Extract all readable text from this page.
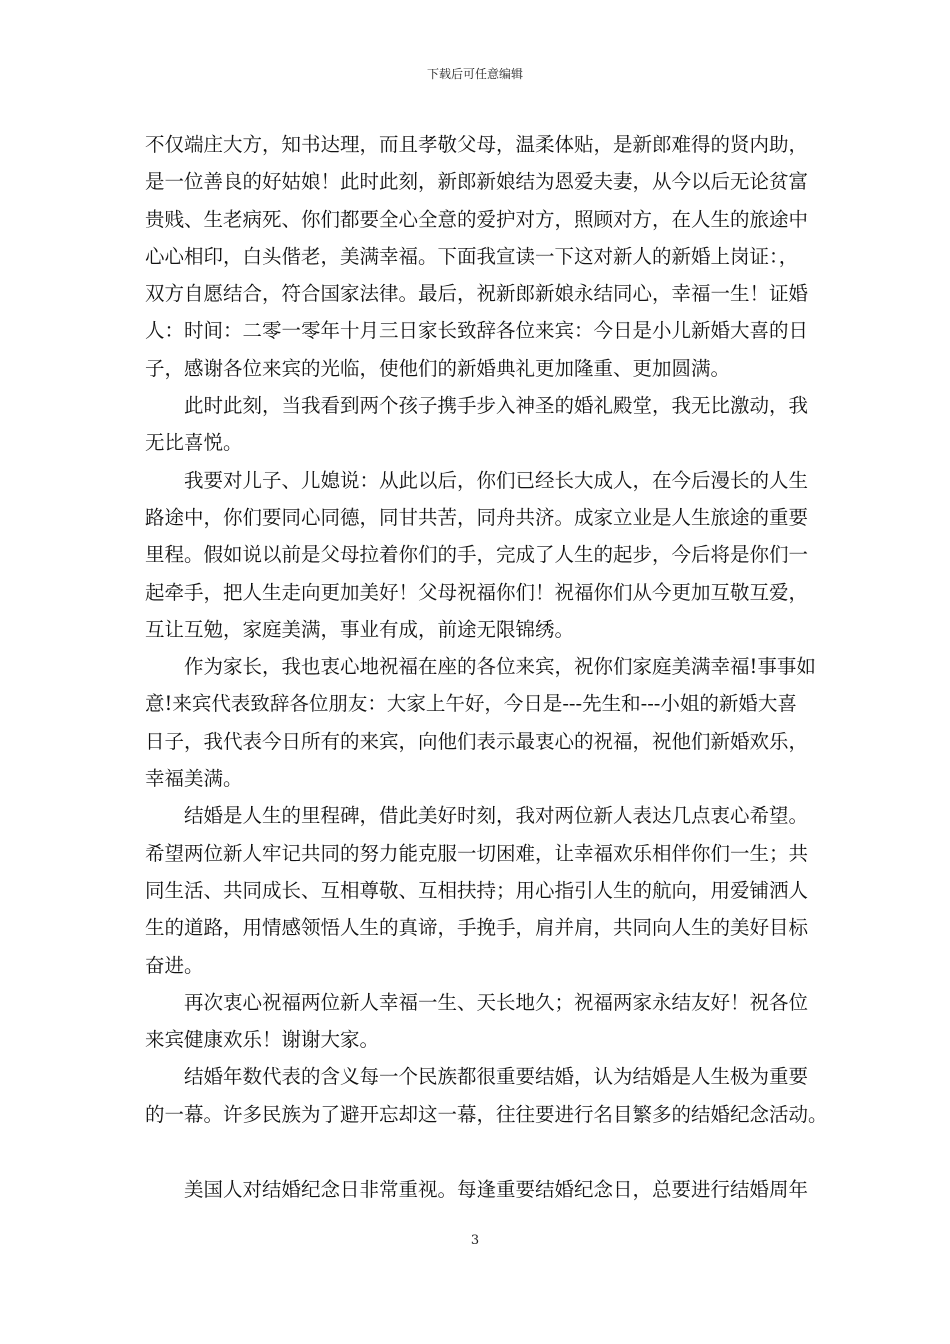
下载后可任意编辑
不仅端庄大方，知书达理，而且孝敬父母，温柔体贴，是新郎难得的贤内助，
是一位善良的好姑娘！此时此刻，新郎新娘结为恩爱夫妻，从今以后无论贫富
贵贱、生老病死、你们都要全心全意的爱护对方，照顾对方，在人生的旅途中
心心相印，白头偕老，美满幸福。下面我宣读一下这对新人的新婚上岗证：，
双方自愿结合，符合国家法律。最后，祝新郎新娘永结同心，幸福一生！证婚
人：时间：二零一零年十月三日家长致辞各位来宾：今日是小儿新婚大喜的日
子，感谢各位来宾的光临，使他们的新婚典礼更加隆重、更加圆满。
此时此刻，当我看到两个孩子携手步入神圣的婚礼殿堂，我无比激动，我
无比喜悦。
我要对儿子、儿媳说：从此以后，你们已经长大成人，在今后漫长的人生
路途中，你们要同心同德，同甘共苦，同舟共济。成家立业是人生旅途的重要
里程。假如说以前是父母拉着你们的手，完成了人生的起步，今后将是你们一
起牵手，把人生走向更加美好！父母祝福你们！祝福你们从今更加互敬互爱，
互让互勉，家庭美满，事业有成，前途无限锦绣。
作为家长，我也衷心地祝福在座的各位来宾，祝你们家庭美满幸福!事事如
意!来宾代表致辞各位朋友：大家上午好，今日是---先生和---小姐的新婚大喜
日子，我代表今日所有的来宾，向他们表示最衷心的祝福，祝他们新婚欢乐，
幸福美满。
结婚是人生的里程碑，借此美好时刻，我对两位新人表达几点衷心希望。
希望两位新人牢记共同的努力能克服一切困难，让幸福欢乐相伴你们一生；共
同生活、共同成长、互相尊敬、互相扶持；用心指引人生的航向，用爱铺洒人
生的道路，用情感领悟人生的真谛，手挽手，肩并肩，共同向人生的美好目标
奋进。
再次衷心祝福两位新人幸福一生、天长地久；祝福两家永结友好！祝各位
来宾健康欢乐！谢谢大家。
结婚年数代表的含义每一个民族都很重要结婚，认为结婚是人生极为重要
的一幕。许多民族为了避开忘却这一幕，往往要进行名目繁多的结婚纪念活动。
美国人对结婚纪念日非常重视。每逢重要结婚纪念日，总要进行结婚周年
3
